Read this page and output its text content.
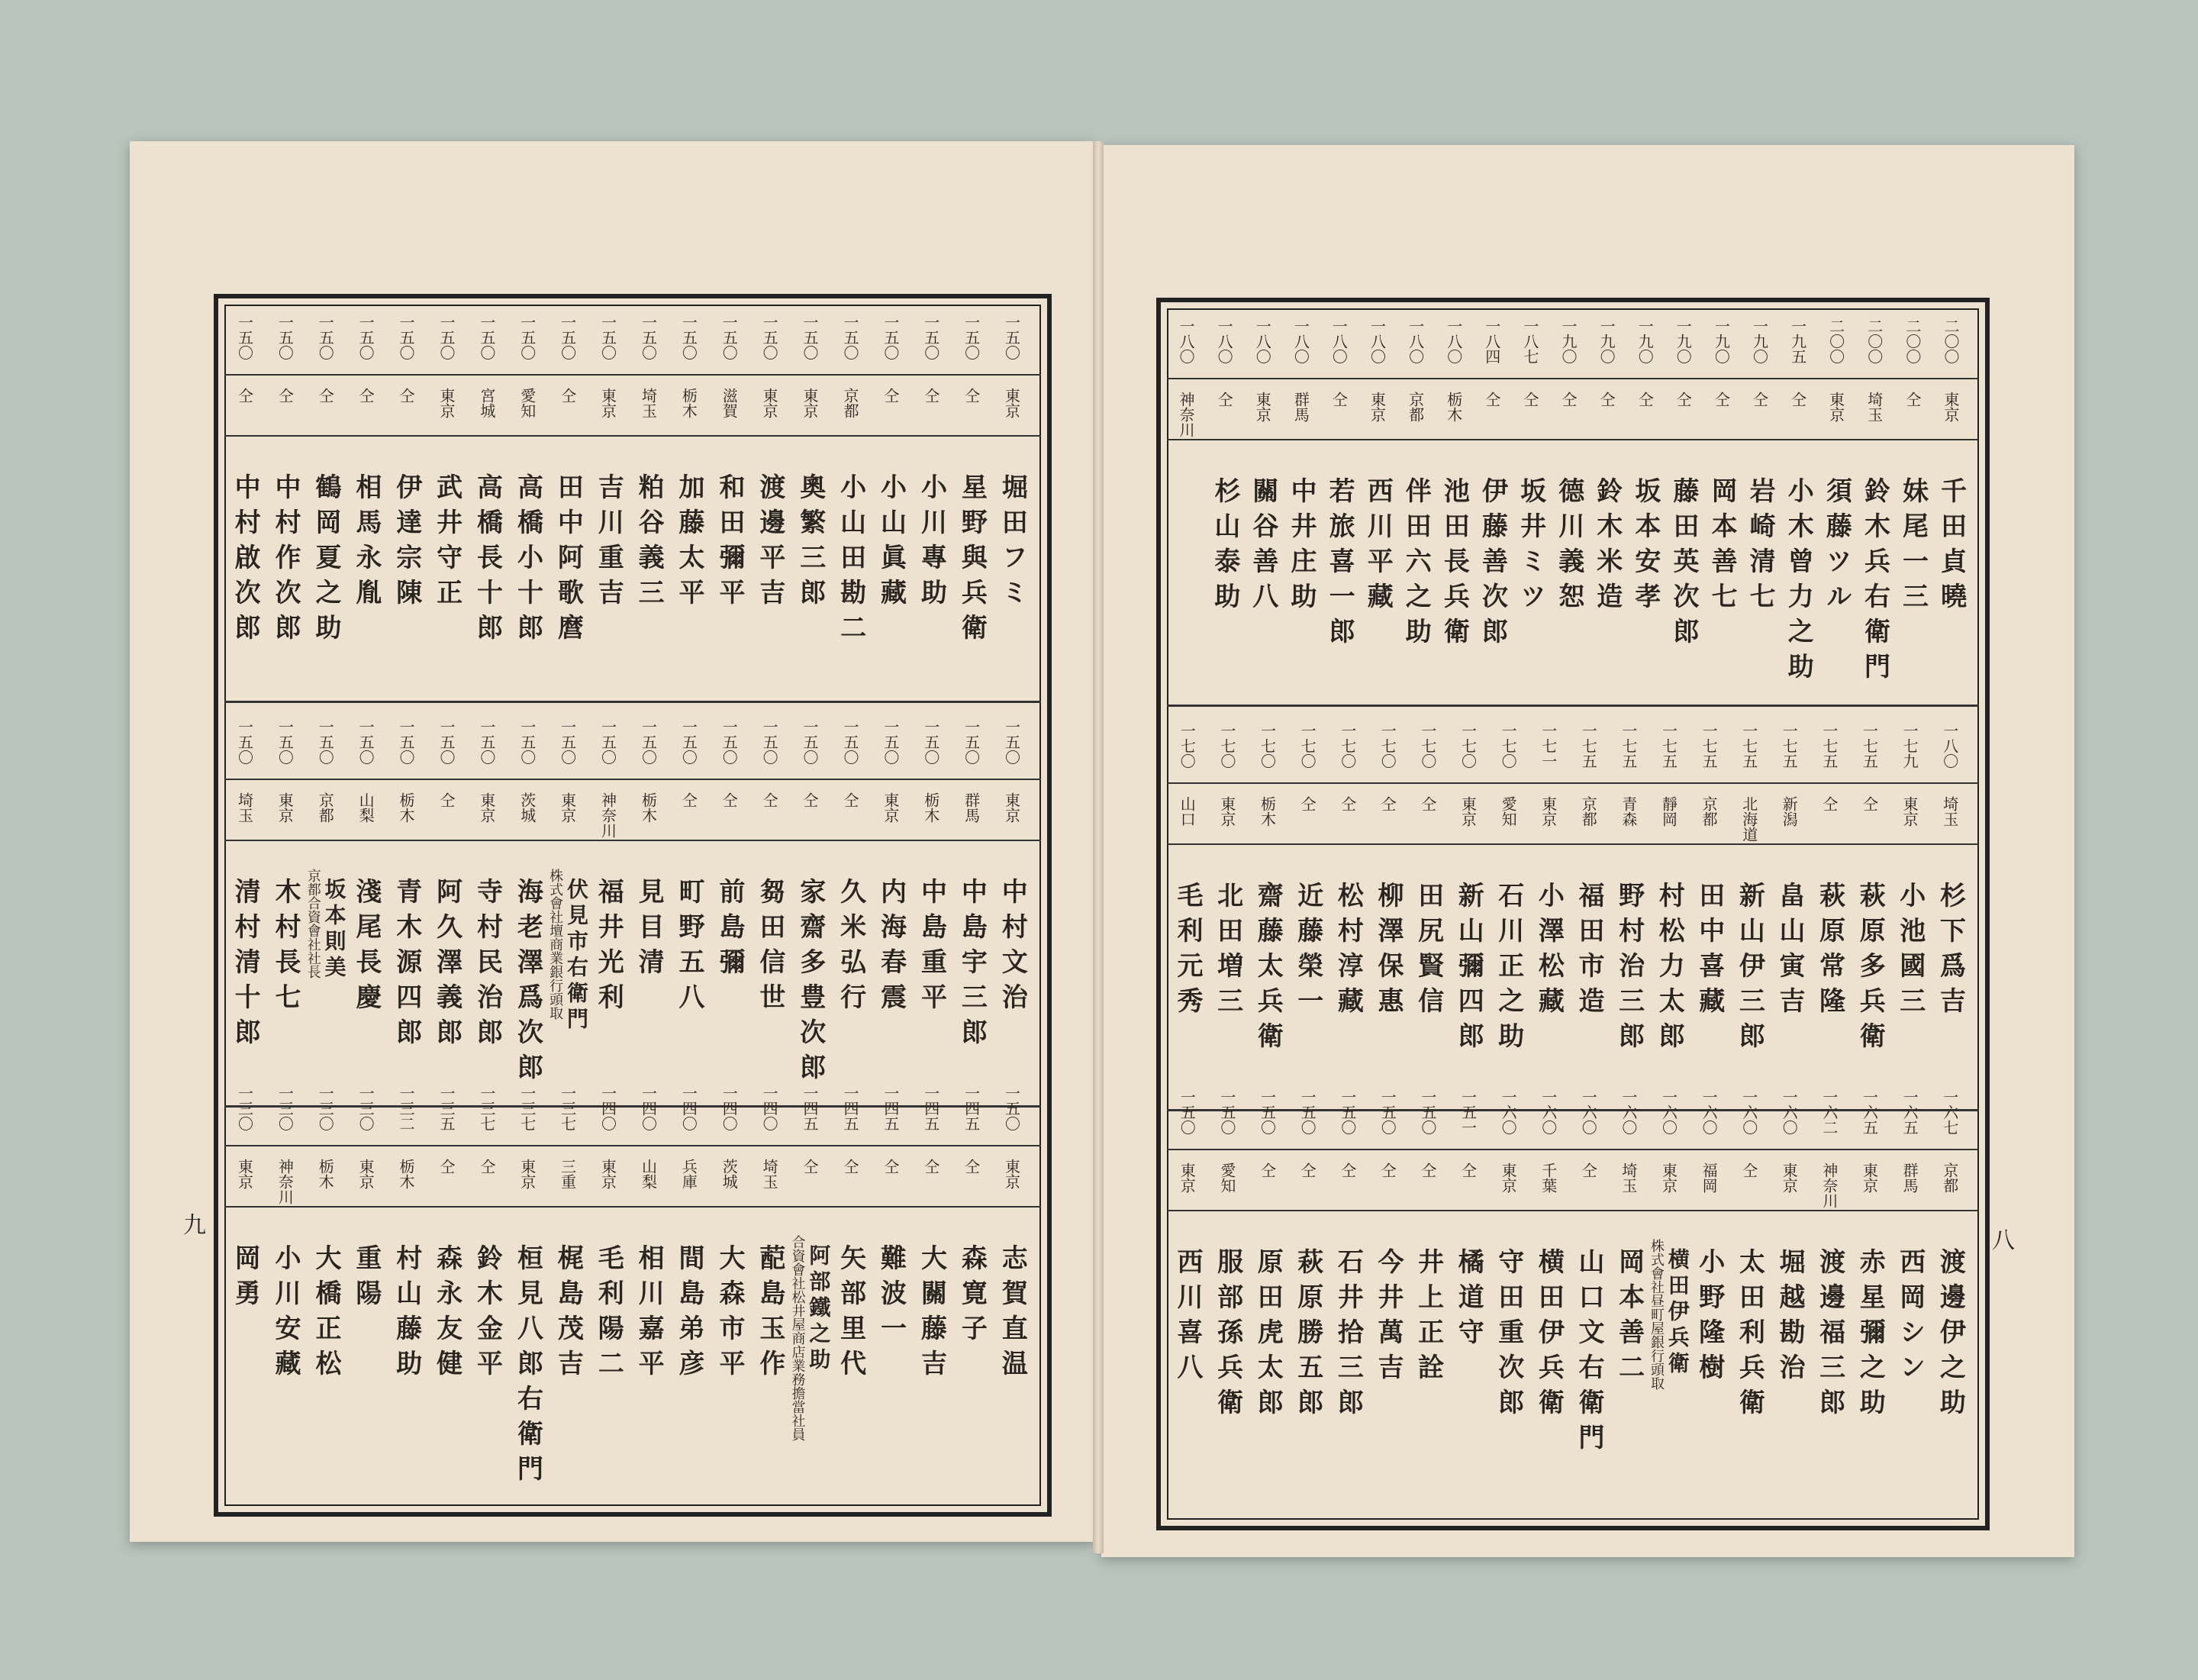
九
八
一五〇
東京
堀田フミ
一五〇
仝
星野與兵衛
一五〇
仝
小川專助
一五〇
仝
小山眞藏
一五〇
京都
小山田勘二
一五〇
東京
奧繁三郎
一五〇
東京
渡邊平吉
一五〇
滋賀
和田彌平
一五〇
栃木
加藤太平
一五〇
埼玉
粕谷義三
一五〇
東京
吉川重吉
一五〇
仝
田中阿歌麿
一五〇
愛知
高橋小十郎
一五〇
宮城
高橋長十郎
一五〇
東京
武井守正
一五〇
仝
伊達宗陳
一五〇
仝
相馬永胤
一五〇
仝
鶴岡夏之助
一五〇
仝
中村作次郎
一五〇
仝
中村啟次郎
一五〇
東京
中村文治
一五〇
群馬
中島宇三郎
一五〇
栃木
中島重平
一五〇
東京
内海春震
一五〇
仝
久米弘行
一五〇
仝
家齋多豊次郎
一五〇
仝
芻田信世
一五〇
仝
前島彌
一五〇
仝
町野五八
一五〇
栃木
見目清
一五〇
神奈川
福井光利
一五〇
東京
伏見市右衛門
株式會社壇商業銀行頭取
一五〇
茨城
海老澤爲次郎
一五〇
東京
寺村民治郎
一五〇
仝
阿久澤義郎
一五〇
栃木
青木源四郎
一五〇
山梨
淺尾長慶
一五〇
京都
坂本則美
京都合資會社社長
一五〇
東京
木村長七
一五〇
埼玉
清村清十郎
一五〇
東京
志賀直温
一四五
仝
森寛子
一四五
仝
大關藤吉
一四五
仝
難波一
一四五
仝
矢部里代
一四五
仝
阿部鐵之助
合資會社松井屋商店業務擔當社員
一四〇
埼玉
蓜島玉作
一四〇
茨城
大森市平
一四〇
兵庫
間島弟彦
一四〇
山梨
相川嘉平
一四〇
東京
毛利陽二
一三七
三重
梶島茂吉
一三七
東京
桓見八郎右衛門
一三七
仝
鈴木金平
一三五
仝
森永友健
一三二
栃木
村山藤助
一三〇
東京
重陽
一三〇
栃木
大橋正松
一三〇
神奈川
小川安藏
一三〇
東京
岡勇
二〇〇
東京
千田貞曉
二〇〇
仝
妹尾一三
二〇〇
埼玉
鈴木兵右衛門
二〇〇
東京
須藤ツル
一九五
仝
小木曾力之助
一九〇
仝
岩崎清七
一九〇
仝
岡本善七
一九〇
仝
藤田英次郎
一九〇
仝
坂本安孝
一九〇
仝
鈴木米造
一九〇
仝
德川義恕
一八七
仝
坂井ミツ
一八四
仝
伊藤善次郎
一八〇
栃木
池田長兵衛
一八〇
京都
伴田六之助
一八〇
東京
西川平藏
一八〇
仝
若旅喜一郎
一八〇
群馬
中井庄助
一八〇
東京
關谷善八
一八〇
仝
杉山泰助
一八〇
神奈川
一八〇
埼玉
杉下爲吉
一七九
東京
小池國三
一七五
仝
萩原多兵衛
一七五
仝
萩原常隆
一七五
新潟
畠山寅吉
一七五
北海道
新山伊三郎
一七五
京都
田中喜藏
一七五
靜岡
村松力太郎
一七五
青森
野村治三郎
一七五
京都
福田市造
一七一
東京
小澤松藏
一七〇
愛知
石川正之助
一七〇
東京
新山彌四郎
一七〇
仝
田尻賢信
一七〇
仝
柳澤保惠
一七〇
仝
松村淳藏
一七〇
仝
近藤榮一
一七〇
栃木
齋藤太兵衛
一七〇
東京
北田増三
一七〇
山口
毛利元秀
一六七
京都
渡邊伊之助
一六五
群馬
西岡シン
一六五
東京
赤星彌之助
一六二
神奈川
渡邊福三郎
一六〇
東京
堀越勘治
一六〇
仝
太田利兵衛
一六〇
福岡
小野隆樹
一六〇
東京
横田伊兵衛
株式會社昼町屋銀行頭取
一六〇
埼玉
岡本善二
一六〇
仝
山口文右衛門
一六〇
千葉
横田伊兵衛
一六〇
東京
守田重次郎
一五一
仝
橘道守
一五〇
仝
井上正詮
一五〇
仝
今井萬吉
一五〇
仝
石井拾三郎
一五〇
仝
萩原勝五郎
一五〇
仝
原田虎太郎
一五〇
愛知
服部孫兵衛
一五〇
東京
西川喜八
